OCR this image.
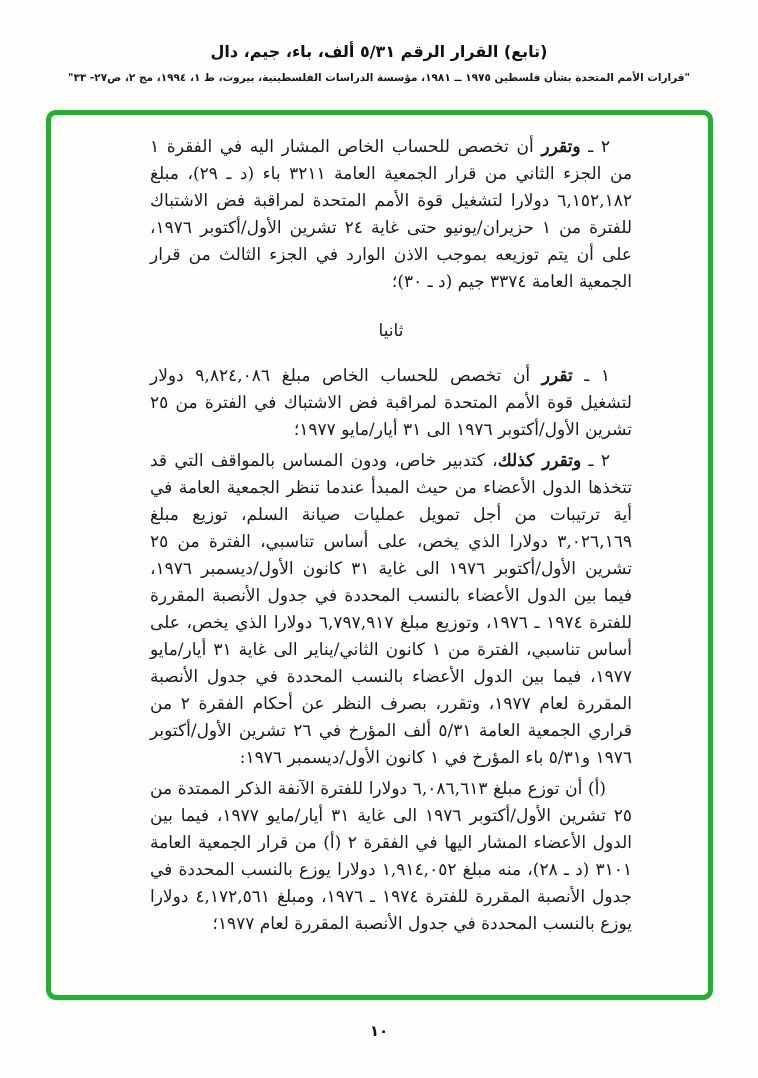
(تابع) القرار الرقم ٥/٣١ ألف، باء، جيم، دال
"قرارات الأمم المتحدة بشأن فلسطين ١٩٧٥ ــ ١٩٨١، مؤسسة الدراسات الفلسطينية، بيروت، ط ١، ١٩٩٤، مج ٢، ص٢٧- ٣٣"

٢ ـ وتقرر أن تخصص للحساب الخاص المشار اليه في الفقرة ١ من الجزء الثاني من قرار الجمعية العامة ٣٢١١ باء (د ـ ٢٩)، مبلغ ٦,١٥٢,١٨٢ دولارا لتشغيل قوة الأمم المتحدة لمراقبة فض الاشتباك للفترة من ١ حزيران/يونيو حتى غاية ٢٤ تشرين الأول/أكتوبر ١٩٧٦، على أن يتم توزيعه بموجب الاذن الوارد في الجزء الثالث من قرار الجمعية العامة ٣٣٧٤ جيم (د ـ ٣٠)؛

ثانيا

١ ـ تقرر أن تخصص للحساب الخاص مبلغ ٩,٨٢٤,٠٨٦ دولار لتشغيل قوة الأمم المتحدة لمراقبة فض الاشتباك في الفترة من ٢٥ تشرين الأول/أكتوبر ١٩٧٦ الى ٣١ أيار/مايو ١٩٧٧؛

٢ ـ وتقرر كذلك، كتدبير خاص، ودون المساس بالمواقف التي قد تتخذها الدول الأعضاء من حيث المبدأ عندما تنظر الجمعية العامة في أية ترتيبات من أجل تمويل عمليات صيانة السلم، توزيع مبلغ ٣,٠٢٦,١٦٩ دولارا الذي يخص، على أساس تناسبي، الفترة من ٢٥ تشرين الأول/أكتوبر ١٩٧٦ الى غاية ٣١ كانون الأول/ديسمبر ١٩٧٦، فيما بين الدول الأعضاء بالنسب المحددة في جدول الأنصبة المقررة للفترة ١٩٧٤ ـ ١٩٧٦، وتوزيع مبلغ ٦,٧٩٧,٩١٧ دولارا الذي يخص، على أساس تناسبي، الفترة من ١ كانون الثاني/يناير الى غاية ٣١ أيار/مايو ١٩٧٧، فيما بين الدول الأعضاء بالنسب المحددة في جدول الأنصبة المقررة لعام ١٩٧٧، وتقرر، بصرف النظر عن أحكام الفقرة ٢ من قراري الجمعية العامة ٥/٣١ ألف المؤرخ في ٢٦ تشرين الأول/أكتوبر ١٩٧٦ و٥/٣١ باء المؤرخ في ١ كانون الأول/ديسمبر ١٩٧٦:

(أ) أن توزع مبلغ ٦,٠٨٦,٦١٣ دولارا للفترة الآنفة الذكر الممتدة من ٢٥ تشرين الأول/أكتوبر ١٩٧٦ الى غاية ٣١ أيار/مايو ١٩٧٧، فيما بين الدول الأعضاء المشار اليها في الفقرة ٢ (أ) من قرار الجمعية العامة ٣١٠١ (د ـ ٢٨)، منه مبلغ ١,٩١٤,٠٥٢ دولارا يوزع بالنسب المحددة في جدول الأنصبة المقررة للفترة ١٩٧٤ ـ ١٩٧٦، ومبلغ ٤,١٧٢,٥٦١ دولارا يوزع بالنسب المحددة في جدول الأنصبة المقررة لعام ١٩٧٧؛

١٠
